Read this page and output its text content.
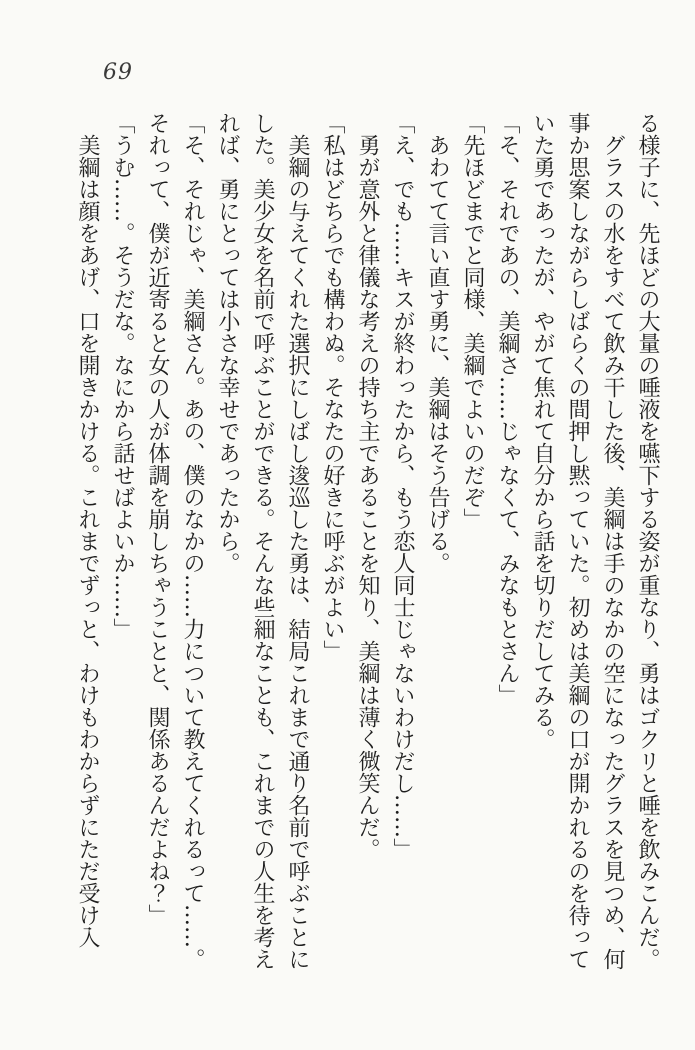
69

る様子に、先ほどの大量の唾液を嚥下する姿が重なり、勇はゴクリと唾を飲みこんだ。

グラスの水をすべて飲み干した後、美綱は手のなかの空になったグラスを見つめ、何事か思案しながらしばらくの間押し黙っていた。初めは美綱の口が開かれるのを待っていた勇であったが、やがて焦れて自分から話を切りだしてみる。

「そ、それであの、美綱さ……じゃなくて、みなもとさん」

「先ほどまでと同様、美綱でよいのだぞ」

あわてて言い直す勇に、美綱はそう告げる。

「え、でも……キスが終わったから、もう恋人同士じゃないわけだし……」

勇が意外と律儀な考えの持ち主であることを知り、美綱は薄く微笑んだ。

「私はどちらでも構わぬ。そなたの好きに呼ぶがよい」

美綱の与えてくれた選択にしばし逡巡した勇は、結局これまで通り名前で呼ぶことにした。美少女を名前で呼ぶことができる。そんな些細なことも、これまでの人生を考えれば、勇にとっては小さな幸せであったから。

「そ、それじゃ、美綱さん。あの、僕のなかの……力について教えてくれるって……。それって、僕が近寄ると女の人が体調を崩しちゃうことと、関係あるんだよね？」

「うむ……。そうだな。なにから話せばよいか……」

美綱は顔をあげ、口を開きかける。これまでずっと、わけもわからずにただ受け入
